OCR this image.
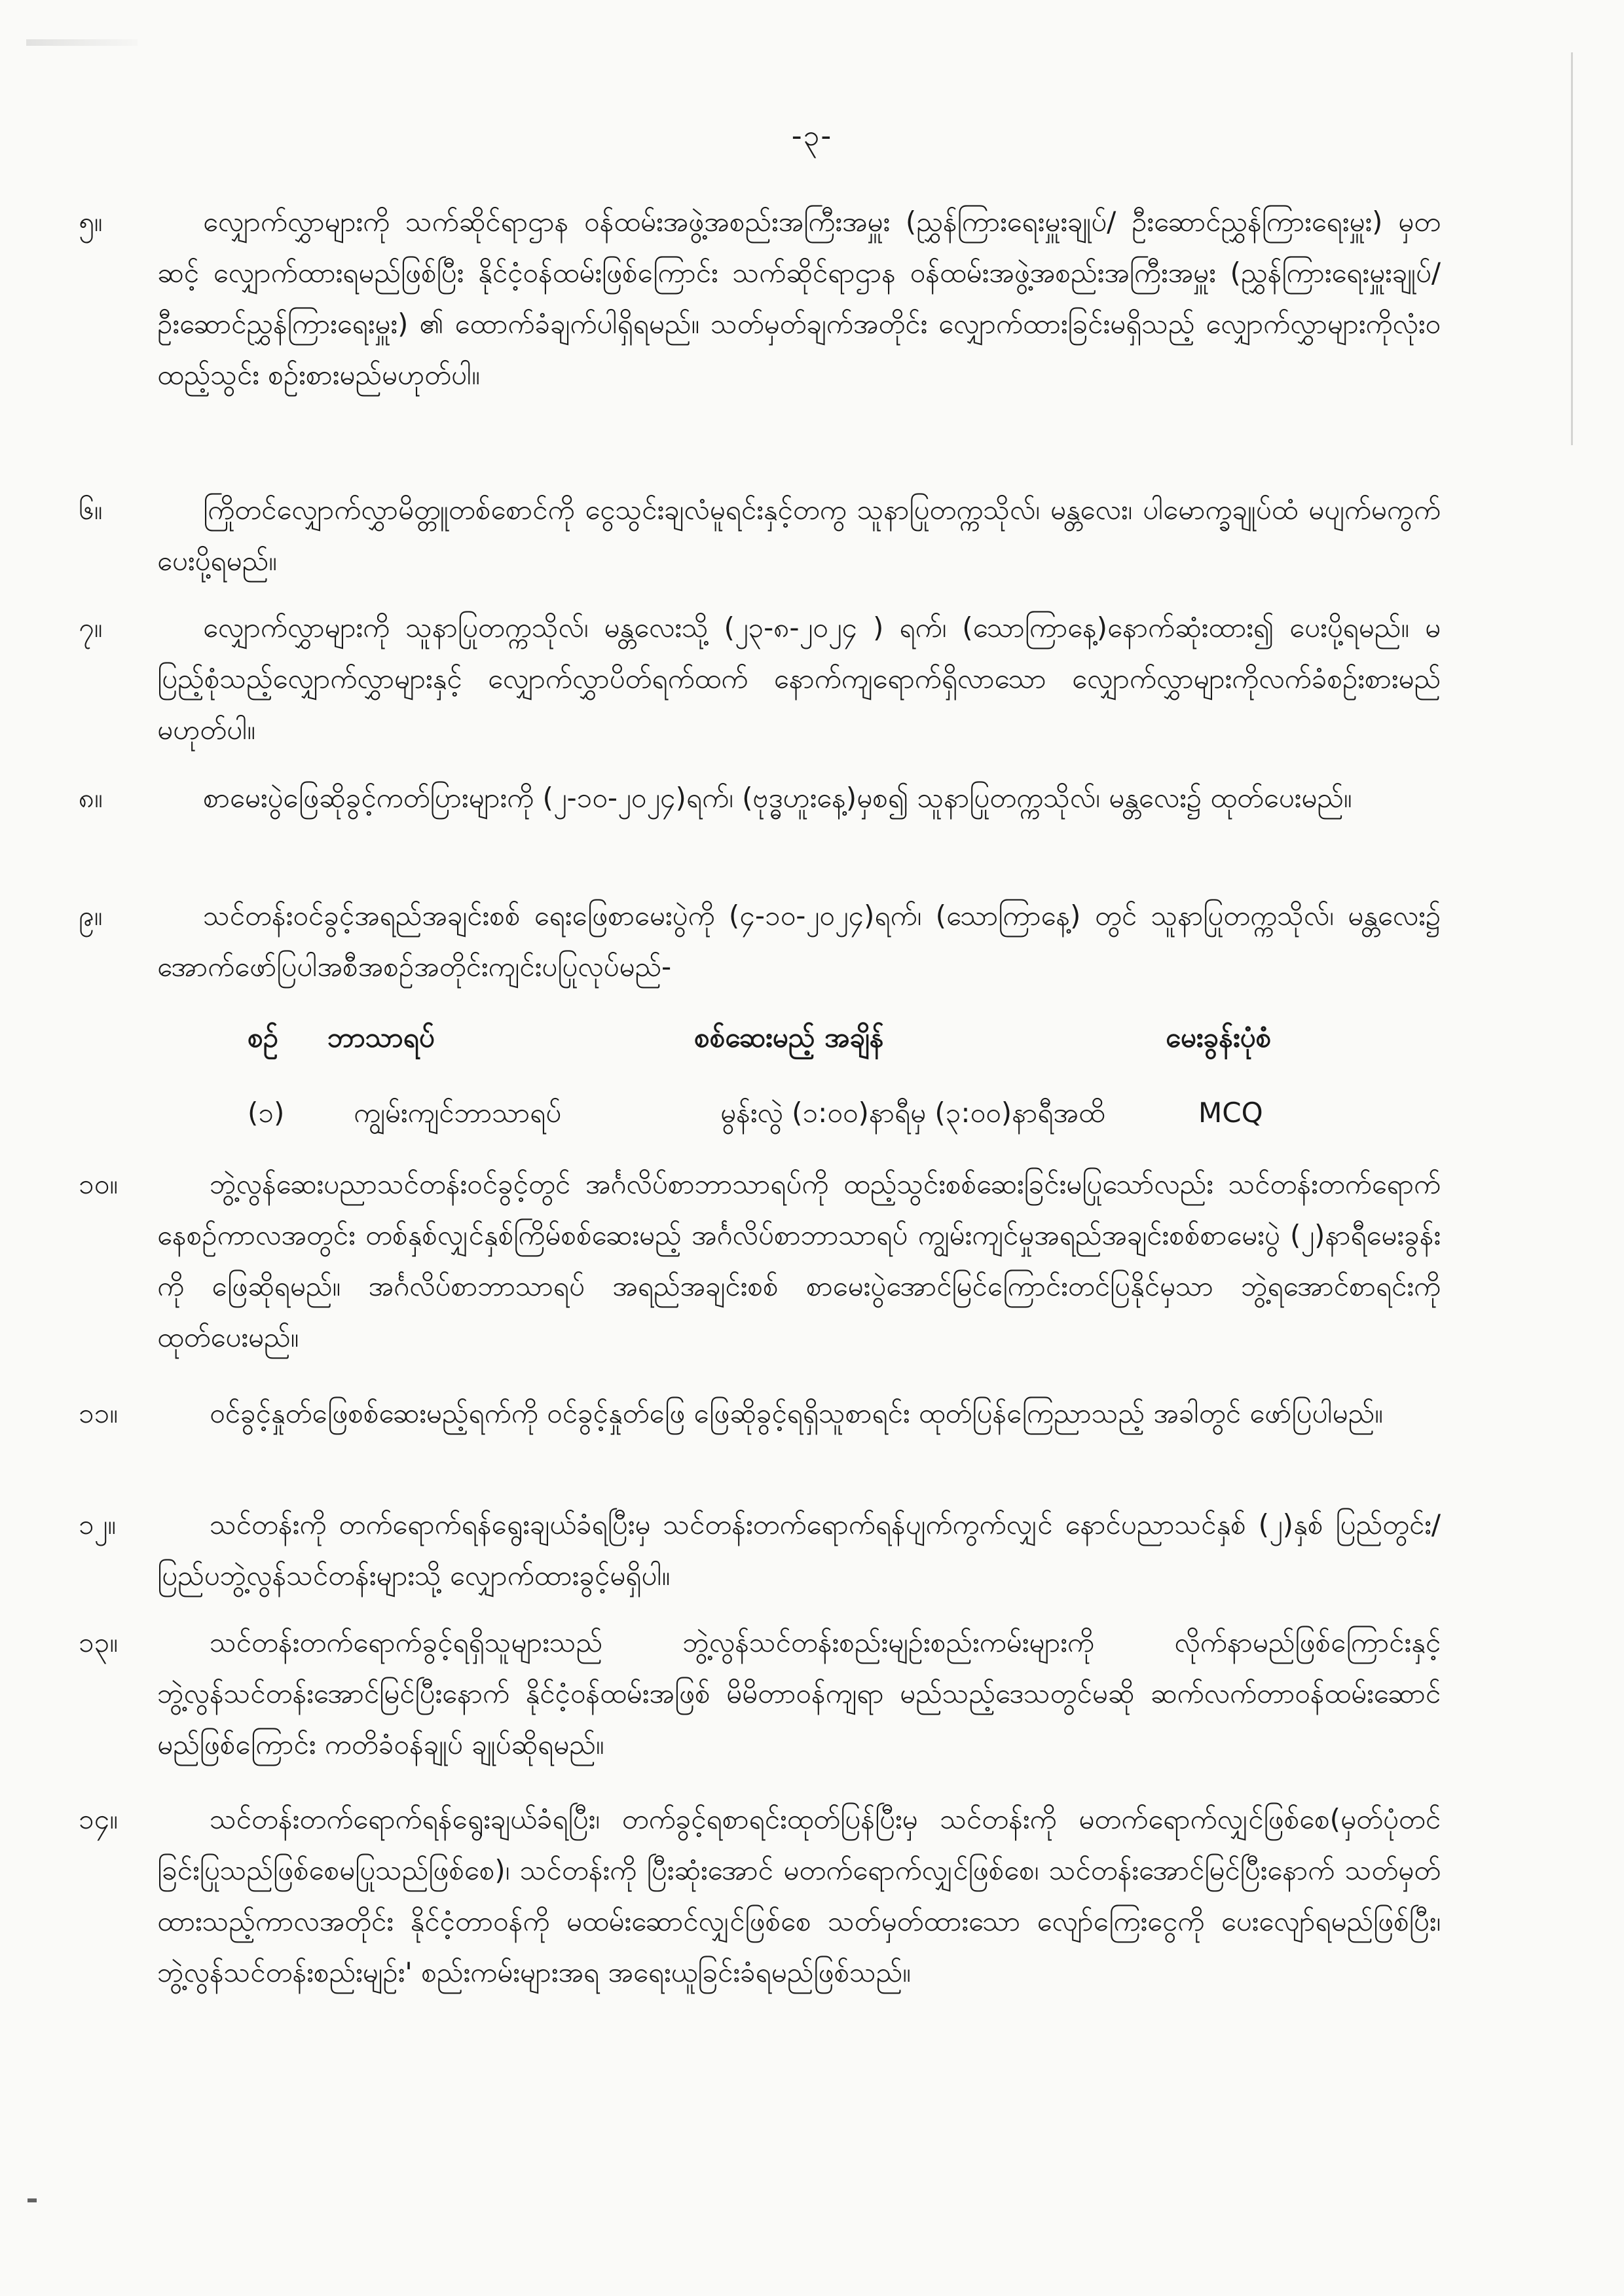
-၃-
၅။	လျှောက်လွှာများကို သက်ဆိုင်ရာဌာန ဝန်ထမ်းအဖွဲ့အစည်းအကြီးအမှူး (ညွှန်ကြားရေးမှူးချုပ်/ ဦးဆောင်ညွှန်ကြားရေးမှူး) မှတဆင့် လျှောက်ထားရမည်ဖြစ်ပြီး နိုင်ငံ့ဝန်ထမ်းဖြစ်ကြောင်း သက်ဆိုင်ရာဌာန ဝန်ထမ်းအဖွဲ့အစည်းအကြီးအမှူး (ညွှန်ကြားရေးမှူးချုပ်/ ဦးဆောင်ညွှန်ကြားရေးမှူး) ၏ ထောက်ခံချက်ပါရှိရမည်။ သတ်မှတ်ချက်အတိုင်း လျှောက်ထားခြင်းမရှိသည့် လျှောက်လွှာများကိုလုံးဝထည့်သွင်း စဉ်းစားမည်မဟုတ်ပါ။
၆။	ကြိုတင်လျှောက်လွှာမိတ္တူတစ်စောင်ကို ငွေသွင်းချလံမူရင်းနှင့်တကွ သူနာပြုတက္ကသိုလ်၊ မန္တလေး၊ ပါမောက္ခချုပ်ထံ မပျက်မကွက် ပေးပို့ရမည်။
၇။	လျှောက်လွှာများကို သူနာပြုတက္ကသိုလ်၊ မန္တလေးသို့ (၂၃-၈-၂၀၂၄ ) ရက်၊ (သောကြာနေ့)နောက်ဆုံးထား၍ ပေးပို့ရမည်။ မပြည့်စုံသည့်လျှောက်လွှာများနှင့် လျှောက်လွှာပိတ်ရက်ထက် နောက်ကျရောက်ရှိလာသော လျှောက်လွှာများကိုလက်ခံစဉ်းစားမည်မဟုတ်ပါ။
၈။	စာမေးပွဲဖြေဆိုခွင့်ကတ်ပြားများကို (၂-၁၀-၂၀၂၄)ရက်၊ (ဗုဒ္ဓဟူးနေ့)မှစ၍ သူနာပြုတက္ကသိုလ်၊ မန္တလေး၌ ထုတ်ပေးမည်။
၉။	သင်တန်းဝင်ခွင့်အရည်အချင်းစစ် ရေးဖြေစာမေးပွဲကို (၄-၁၀-၂၀၂၄)ရက်၊ (သောကြာနေ့) တွင် သူနာပြုတက္ကသိုလ်၊ မန္တလေး၌ အောက်ဖော်ပြပါအစီအစဉ်အတိုင်းကျင်းပပြုလုပ်မည်-
စဉ် ဘာသာရပ်	စစ်ဆေးမည့် အချိန်	မေးခွန်းပုံစံ
(၁)	ကျွမ်းကျင်ဘာသာရပ်	မွန်းလွဲ (၁:၀၀)နာရီမှ (၃:၀၀)နာရီအထိ	MCQ
၁၀။	ဘွဲ့လွန်ဆေးပညာသင်တန်းဝင်ခွင့်တွင် အင်္ဂလိပ်စာဘာသာရပ်ကို ထည့်သွင်းစစ်ဆေးခြင်းမပြုသော်လည်း သင်တန်းတက်ရောက်နေစဉ်ကာလအတွင်း တစ်နှစ်လျှင်နှစ်ကြိမ်စစ်ဆေးမည့် အင်္ဂလိပ်စာဘာသာရပ် ကျွမ်းကျင်မှုအရည်အချင်းစစ်စာမေးပွဲ (၂)နာရီမေးခွန်းကို ဖြေဆိုရမည်။ အင်္ဂလိပ်စာဘာသာရပ် အရည်အချင်းစစ် စာမေးပွဲအောင်မြင်ကြောင်းတင်ပြနိုင်မှသာ ဘွဲ့ရအောင်စာရင်းကို ထုတ်ပေးမည်။
၁၁။	ဝင်ခွင့်နှုတ်ဖြေစစ်ဆေးမည့်ရက်ကို ဝင်ခွင့်နှုတ်ဖြေ ဖြေဆိုခွင့်ရရှိသူစာရင်း ထုတ်ပြန်ကြေညာသည့် အခါတွင် ဖော်ပြပါမည်။
၁၂။	သင်တန်းကို တက်ရောက်ရန်ရွေးချယ်ခံရပြီးမှ သင်တန်းတက်ရောက်ရန်ပျက်ကွက်လျှင် နောင်ပညာသင်နှစ် (၂)နှစ် ပြည်တွင်း/ပြည်ပဘွဲ့လွန်သင်တန်းများသို့ လျှောက်ထားခွင့်မရှိပါ။
၁၃။	သင်တန်းတက်ရောက်ခွင့်ရရှိသူများသည် ဘွဲ့လွန်သင်တန်းစည်းမျဉ်းစည်းကမ်းများကို လိုက်နာမည်ဖြစ်ကြောင်းနှင့် ဘွဲ့လွန်သင်တန်းအောင်မြင်ပြီးနောက် နိုင်ငံ့ဝန်ထမ်းအဖြစ် မိမိတာဝန်ကျရာ မည်သည့်ဒေသတွင်မဆို ဆက်လက်တာဝန်ထမ်းဆောင်မည်ဖြစ်ကြောင်း ကတိခံဝန်ချုပ် ချုပ်ဆိုရမည်။
၁၄။	သင်တန်းတက်ရောက်ရန်ရွေးချယ်ခံရပြီး၊ တက်ခွင့်ရစာရင်းထုတ်ပြန်ပြီးမှ သင်တန်းကို မတက်ရောက်လျှင်ဖြစ်စေ(မှတ်ပုံတင်ခြင်းပြုသည်ဖြစ်စေမပြုသည်ဖြစ်စေ)၊ သင်တန်းကို ပြီးဆုံးအောင် မတက်ရောက်လျှင်ဖြစ်စေ၊ သင်တန်းအောင်မြင်ပြီးနောက် သတ်မှတ်ထားသည့်ကာလအတိုင်း နိုင်ငံ့တာဝန်ကို မထမ်းဆောင်လျှင်ဖြစ်စေ သတ်မှတ်ထားသော လျော်ကြေးငွေကို ပေးလျော်ရမည်ဖြစ်ပြီး၊ ဘွဲ့လွန်သင်တန်းစည်းမျဉ်း' စည်းကမ်းများအရ အရေးယူခြင်းခံရမည်ဖြစ်သည်။
